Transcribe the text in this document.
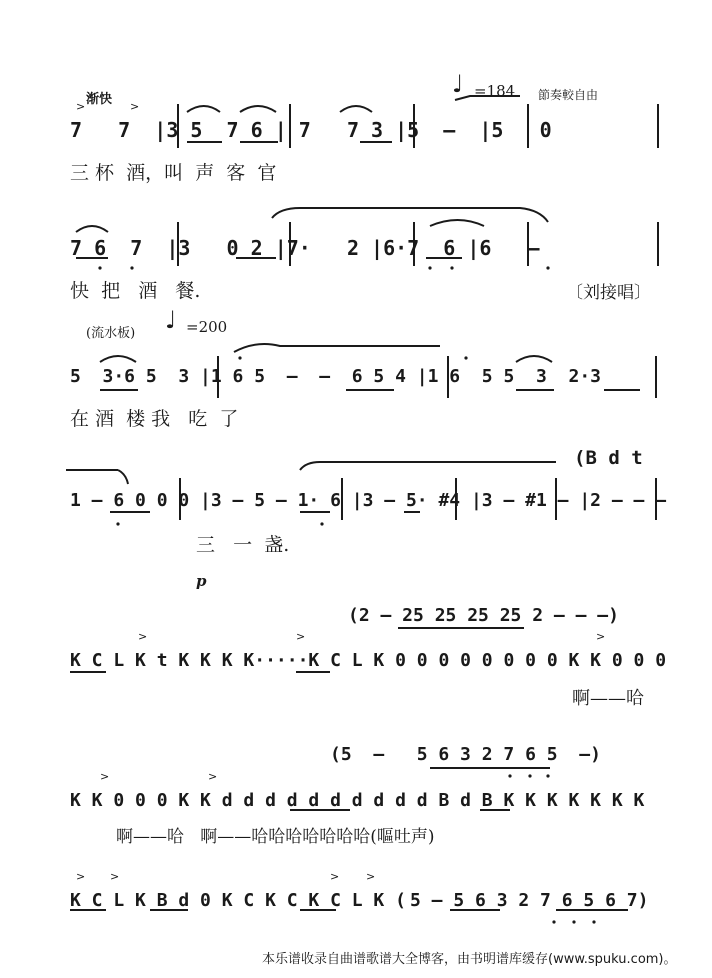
渐快
♩ =184 節奏較自由
7   7  |3 5  7 6 | 7   7 3 |5  –  |5   0
三 杯  酒，叫  声  客  官
7 6  7  |3   0 2 |7·   2 |6·7  6 |6   –
快  把   酒   餐.	〔刘接唱〕
(流水板) ♩ =200
5  3·6 5  3 |1 6 5  –  –  6 5 4 |1 6  5 5  3  2·3
在 酒  楼 我   吃  了
(B d t
1 – 6 0 0 0 |3 – 5 – 1· 6 |3 – 5· #4 |3 – #1 – |2 – – –
三   一  盏.
p
(2 – 25 25 25 25 2 – – –)
K C L K t K K K K·····K C L K 0 0 0 0 0 0 0 0 K K 0 0 0
啊——哈
(5  –   5 6 3 2 7 6 5  –)
K K 0 0 0 K K d d d d d d d d d d B d B K K K K K K K
啊——哈   啊——哈哈哈哈哈哈哈(嘔吐声)
K C L K B d 0 K C K C K C L K ( 5 – 5 6 3 2 7 6 5 6 7)
本乐谱收录自曲谱歌谱大全博客，由书明谱库缓存(www.spuku.com)。
>	>
>	>	>
>	>
> >	> >
